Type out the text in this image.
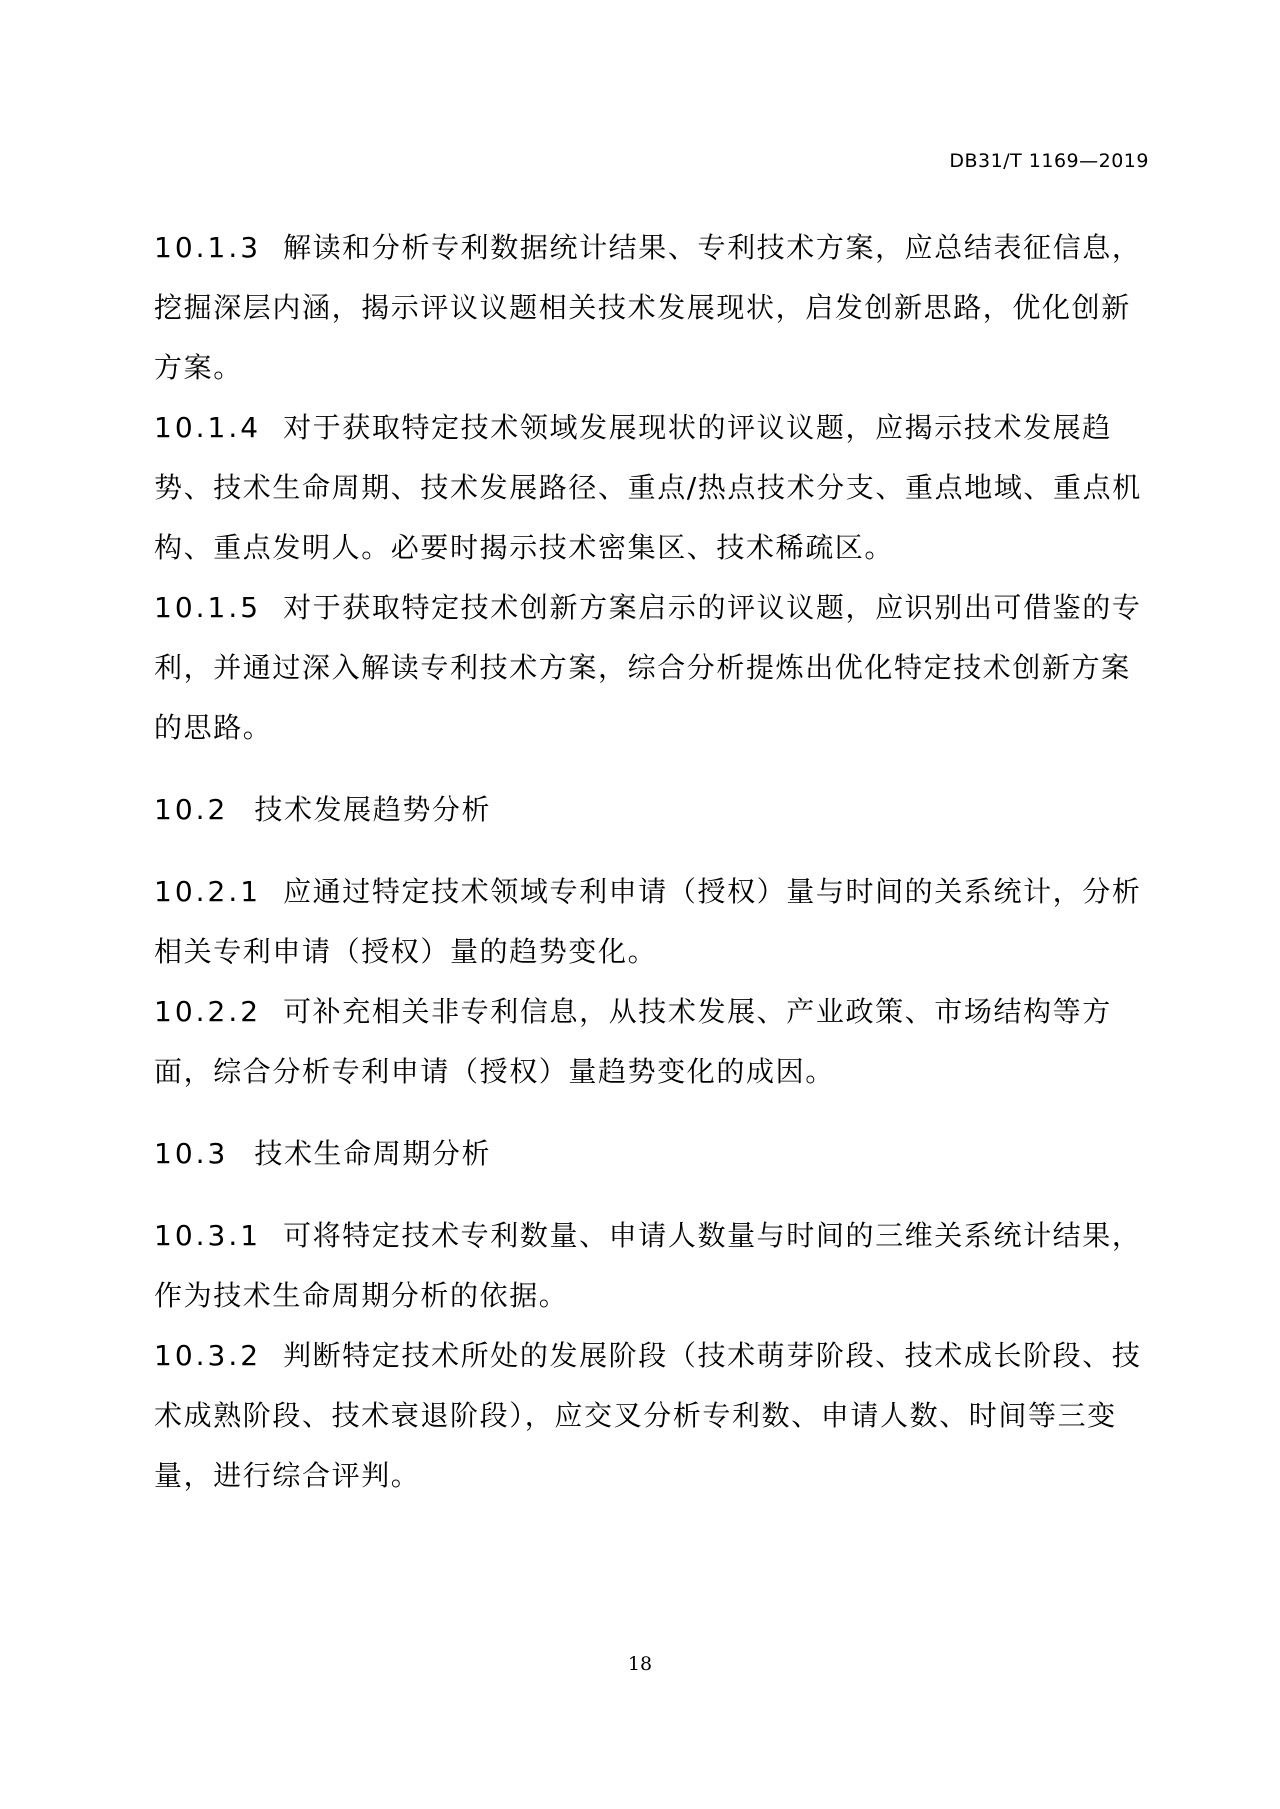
DB31/T 1169—2019

10.1.3 解读和分析专利数据统计结果、专利技术方案，应总结表征信息，挖掘深层内涵，揭示评议议题相关技术发展现状，启发创新思路，优化创新方案。

10.1.4 对于获取特定技术领域发展现状的评议议题，应揭示技术发展趋势、技术生命周期、技术发展路径、重点/热点技术分支、重点地域、重点机构、重点发明人。必要时揭示技术密集区、技术稀疏区。

10.1.5 对于获取特定技术创新方案启示的评议议题，应识别出可借鉴的专利，并通过深入解读专利技术方案，综合分析提炼出优化特定技术创新方案的思路。

10.2 技术发展趋势分析

10.2.1 应通过特定技术领域专利申请（授权）量与时间的关系统计，分析相关专利申请（授权）量的趋势变化。

10.2.2 可补充相关非专利信息，从技术发展、产业政策、市场结构等方面，综合分析专利申请（授权）量趋势变化的成因。

10.3 技术生命周期分析

10.3.1 可将特定技术专利数量、申请人数量与时间的三维关系统计结果，作为技术生命周期分析的依据。

10.3.2 判断特定技术所处的发展阶段（技术萌芽阶段、技术成长阶段、技术成熟阶段、技术衰退阶段），应交叉分析专利数、申请人数、时间等三变量，进行综合评判。

18
